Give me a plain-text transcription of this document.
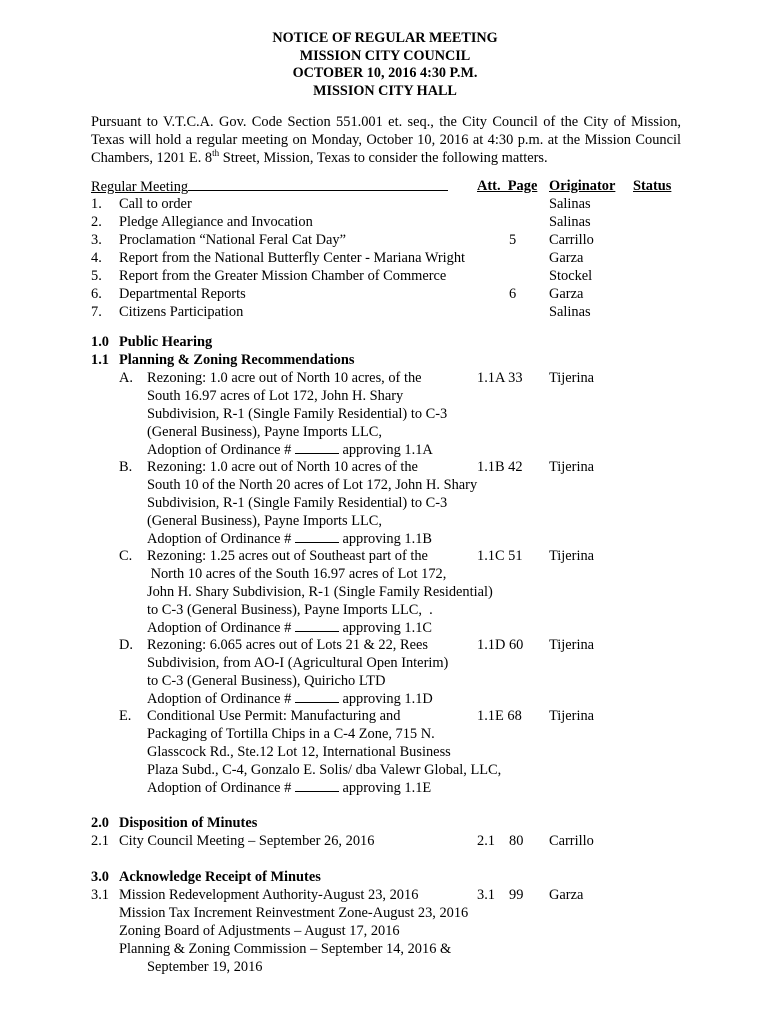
NOTICE OF REGULAR MEETING
MISSION CITY COUNCIL
OCTOBER 10, 2016 4:30 P.M.
MISSION CITY HALL
Pursuant to V.T.C.A. Gov. Code Section 551.001 et. seq., the City Council of the City of Mission, Texas will hold a regular meeting on Monday, October 10, 2016 at 4:30 p.m. at the Mission Council Chambers, 1201 E. 8th Street, Mission, Texas to consider the following matters.
Regular Meeting	Att.  Page Originator Status
1. Call to order	Salinas
2. Pledge Allegiance and Invocation	Salinas
3. Proclamation “National Feral Cat Day”	5 Carrillo
4. Report from the National Butterfly Center - Mariana Wright	Garza
5. Report from the Greater Mission Chamber of Commerce	Stockel
6. Departmental Reports	6 Garza
7. Citizens Participation	Salinas
1.0 Public Hearing
1.1 Planning & Zoning Recommendations
A. Rezoning: 1.0 acre out of North 10 acres, of the	1.1A 33 Tijerina
South 16.97 acres of Lot 172, John H. Shary
Subdivision, R-1 (Single Family Residential) to C-3
(General Business), Payne Imports LLC,
Adoption of Ordinance #	approving 1.1A
B. Rezoning: 1.0 acre out of North 10 acres of the	1.1B 42 Tijerina
South 10 of the North 20 acres of Lot 172, John H. Shary
Subdivision, R-1 (Single Family Residential) to C-3
(General Business), Payne Imports LLC,
Adoption of Ordinance #	approving 1.1B
C. Rezoning: 1.25 acres out of Southeast part of the	1.1C 51 Tijerina
North 10 acres of the South 16.97 acres of Lot 172,
John H. Shary Subdivision, R-1 (Single Family Residential)
to C-3 (General Business), Payne Imports LLC,  .
Adoption of Ordinance #	approving 1.1C
D. Rezoning: 6.065 acres out of Lots 21 & 22, Rees	1.1D 60 Tijerina
Subdivision, from AO-I (Agricultural Open Interim)
to C-3 (General Business), Quiricho LTD
Adoption of Ordinance #	approving 1.1D
E. Conditional Use Permit: Manufacturing and	1.1E 68 Tijerina
Packaging of Tortilla Chips in a C-4 Zone, 715 N.
Glasscock Rd., Ste.12 Lot 12, International Business
Plaza Subd., C-4, Gonzalo E. Solis/ dba Valewr Global, LLC,
Adoption of Ordinance #	approving 1.1E
2.0 Disposition of Minutes
2.1 City Council Meeting – September 26, 2016	2.1 80 Carrillo
3.0 Acknowledge Receipt of Minutes
3.1 Mission Redevelopment Authority-August 23, 2016	3.1 99 Garza
Mission Tax Increment Reinvestment Zone-August 23, 2016
Zoning Board of Adjustments – August 17, 2016
Planning & Zoning Commission – September 14, 2016 &
September 19, 2016
